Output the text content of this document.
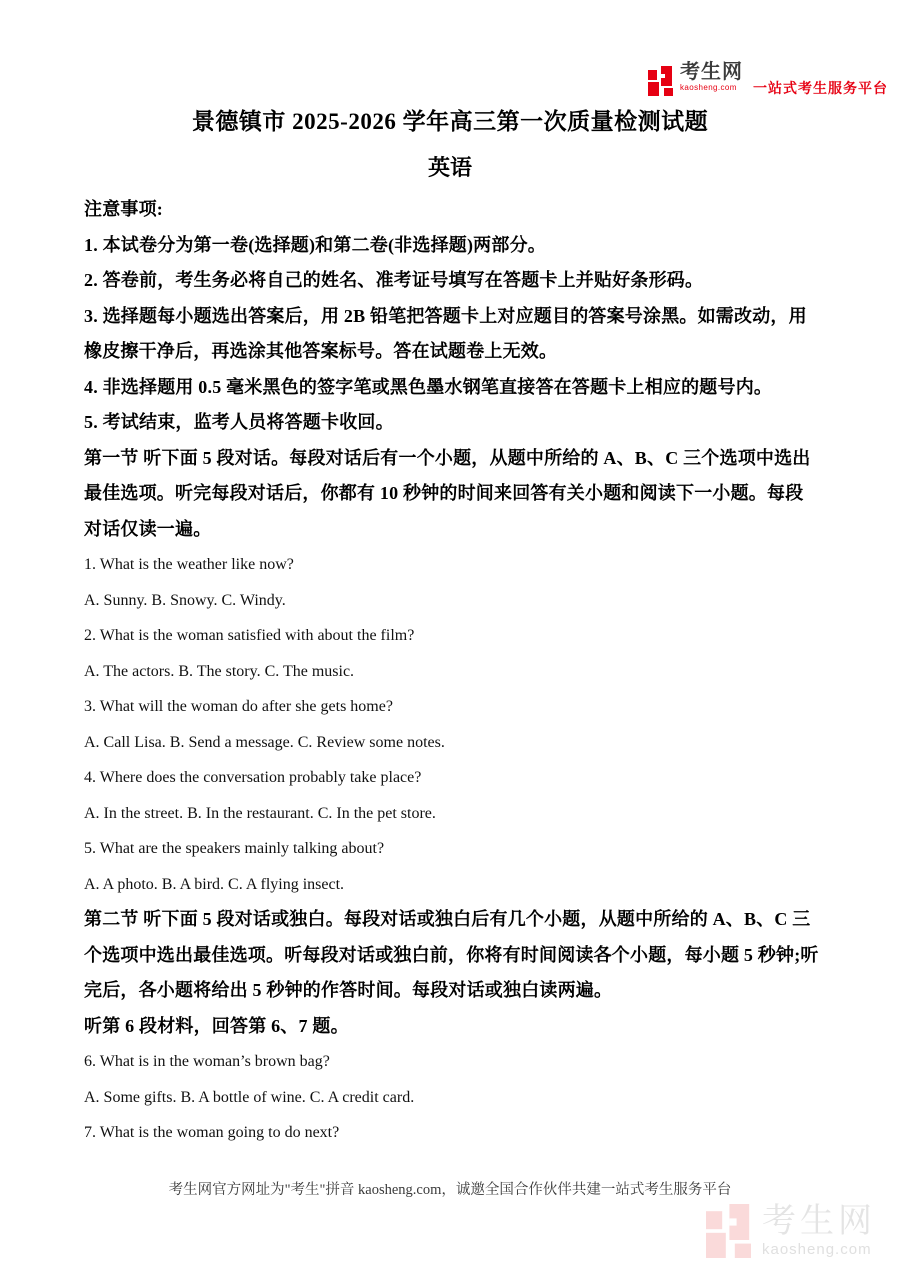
考生网
kaosheng.com	一站式考生服务平台
景德镇市 2025-2026 学年高三第一次质量检测试题
英语
注意事项:
1. 本试卷分为第一卷(选择题)和第二卷(非选择题)两部分。
2. 答卷前，考生务必将自己的姓名、准考证号填写在答题卡上并贴好条形码。
3. 选择题每小题选出答案后，用 2B 铅笔把答题卡上对应题目的答案号涂黑。如需改动，用
橡皮擦干净后，再选涂其他答案标号。答在试题卷上无效。
4. 非选择题用 0.5 毫米黑色的签字笔或黑色墨水钢笔直接答在答题卡上相应的题号内。
5. 考试结束，监考人员将答题卡收回。
第一节 听下面 5 段对话。每段对话后有一个小题，从题中所给的 A、B、C 三个选项中选出
最佳选项。听完每段对话后，你都有 10 秒钟的时间来回答有关小题和阅读下一小题。每段
对话仅读一遍。
1. What is the weather like now?
A. Sunny. B. Snowy. C. Windy.
2. What is the woman satisfied with about the film?
A. The actors. B. The story. C. The music.
3. What will the woman do after she gets home?
A. Call Lisa. B. Send a message. C. Review some notes.
4. Where does the conversation probably take place?
A. In the street. B. In the restaurant. C. In the pet store.
5. What are the speakers mainly talking about?
A. A photo. B. A bird. C. A flying insect.
第二节 听下面 5 段对话或独白。每段对话或独白后有几个小题，从题中所给的 A、B、C 三
个选项中选出最佳选项。听每段对话或独白前，你将有时间阅读各个小题，每小题 5 秒钟;听
完后，各小题将给出 5 秒钟的作答时间。每段对话或独白读两遍。
听第 6 段材料，回答第 6、7 题。
6. What is in the woman’s brown bag?
A. Some gifts. B. A bottle of wine. C. A credit card.
7. What is the woman going to do next?
考生网官方网址为"考生"拼音 kaosheng.com，诚邀全国合作伙伴共建一站式考生服务平台
考生网
kaosheng.com
